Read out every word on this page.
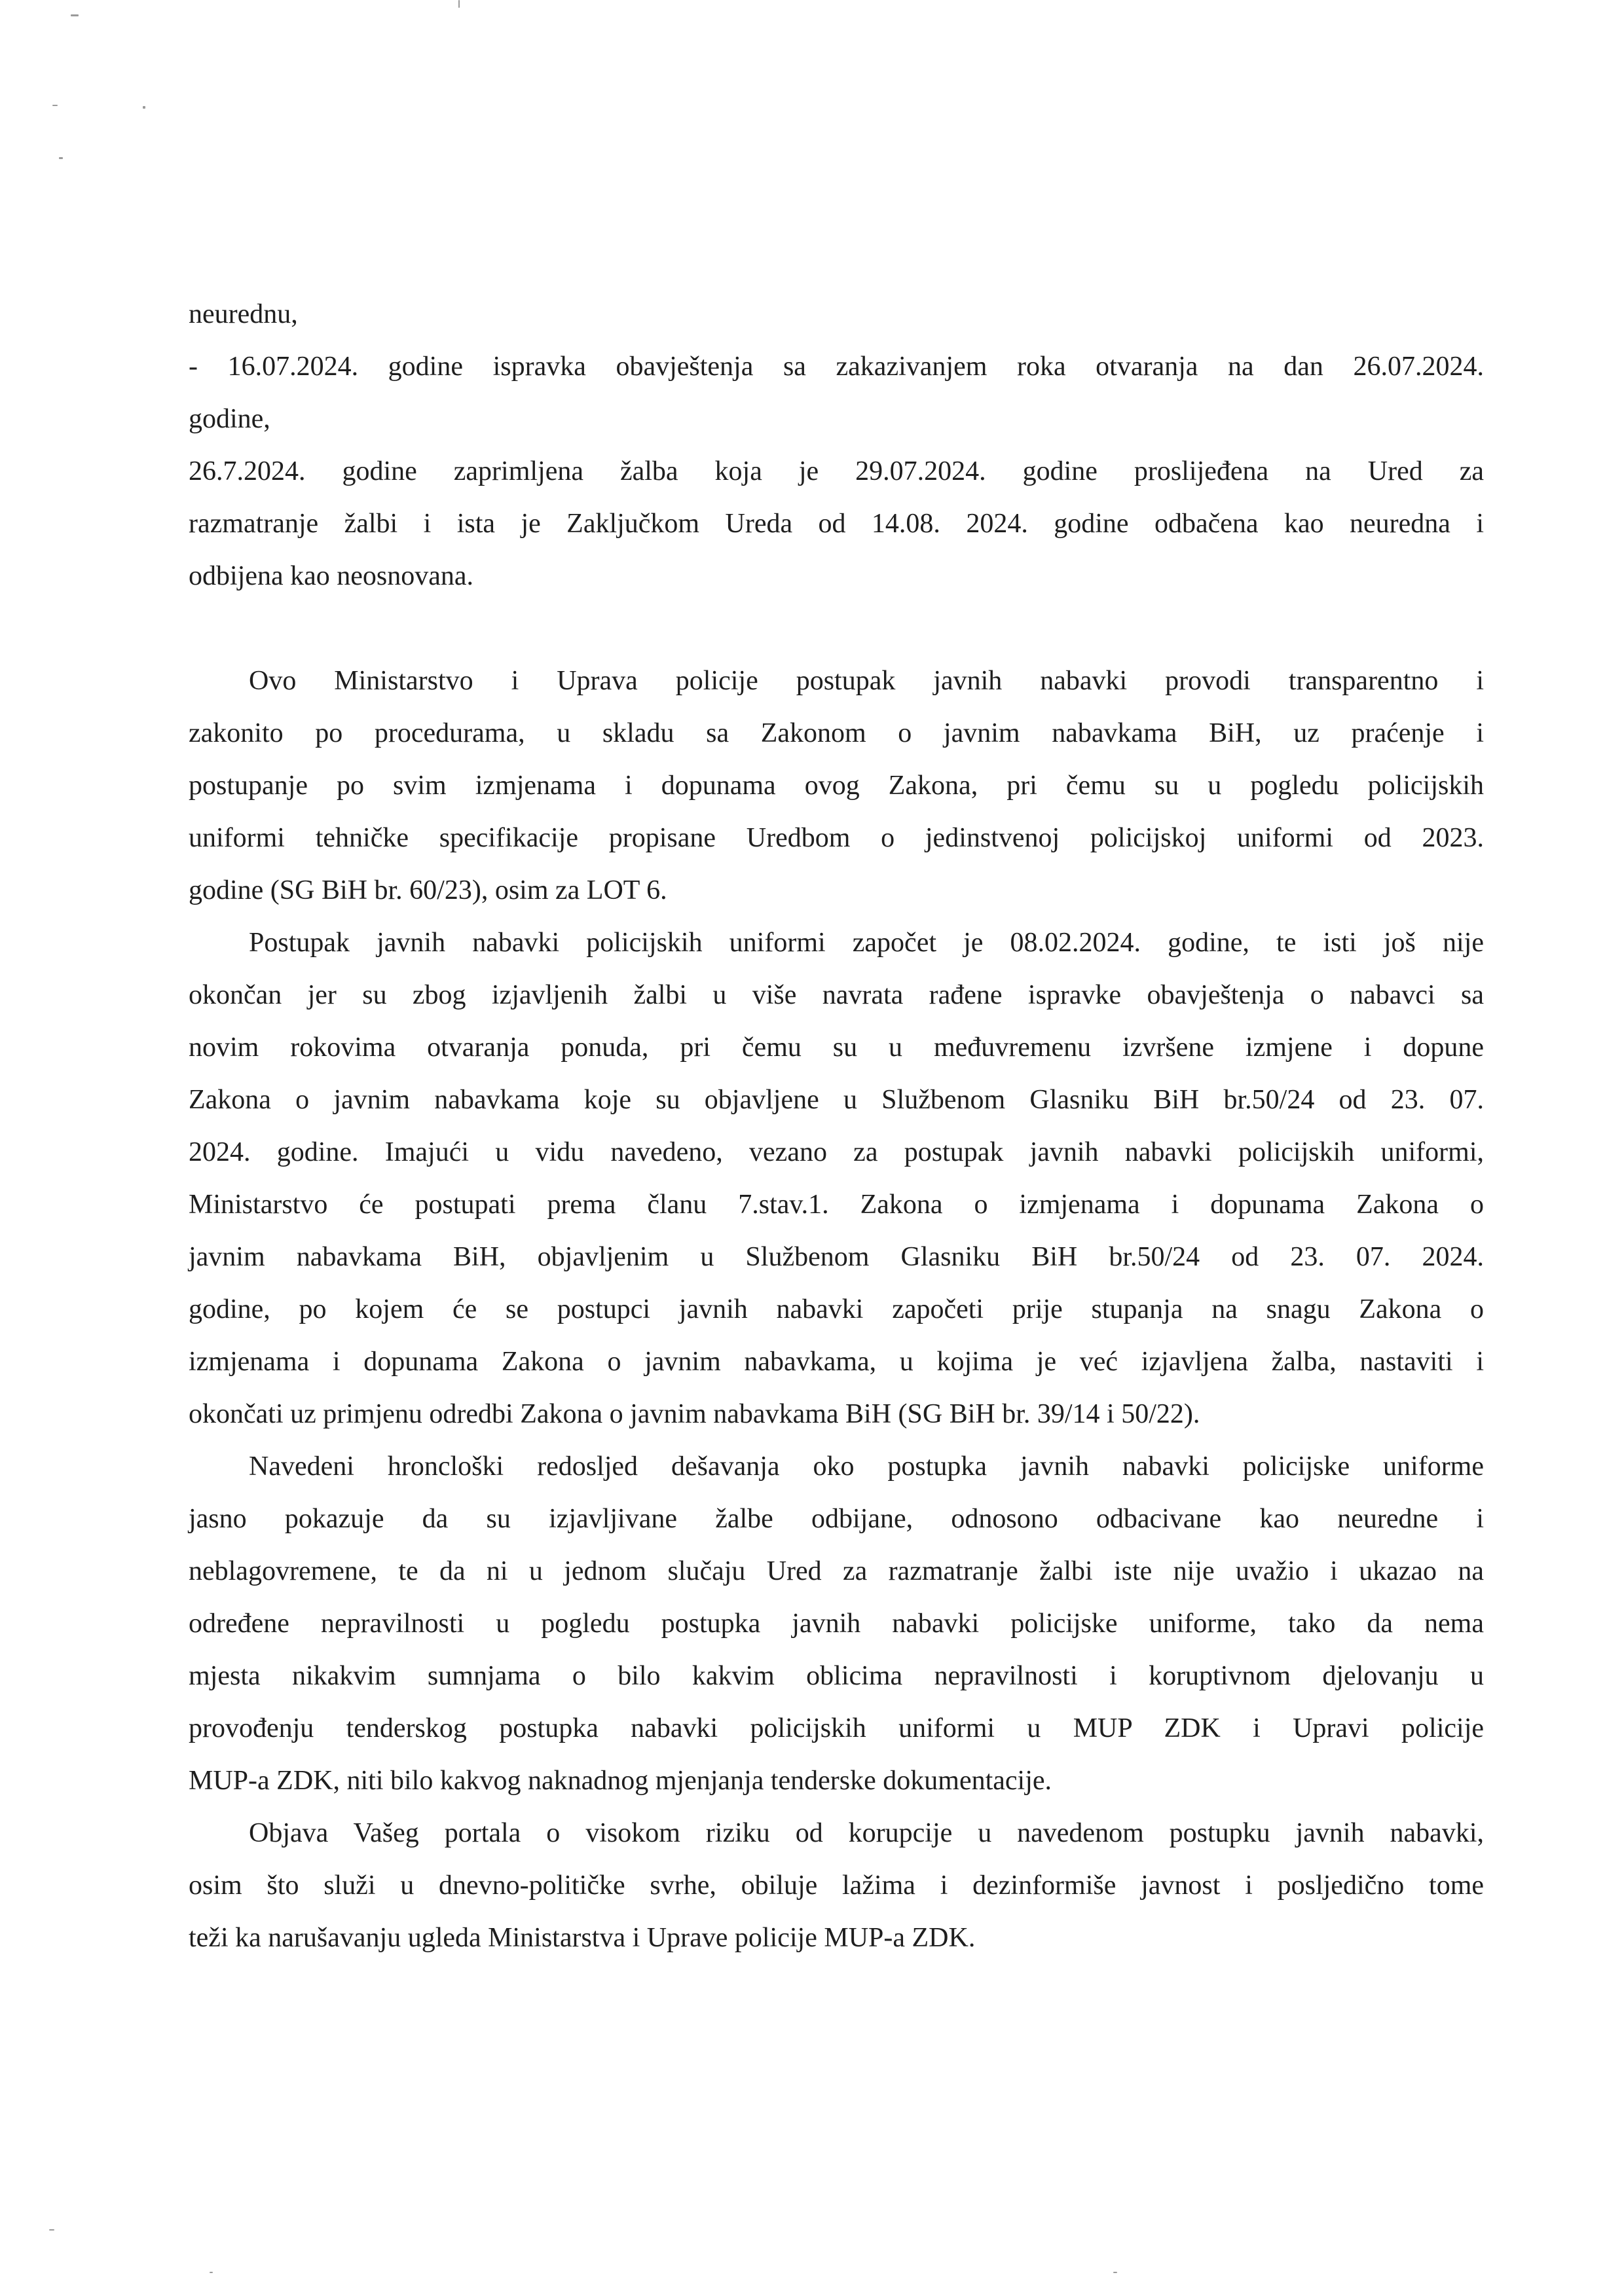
neurednu,
- 16.07.2024. godine ispravka obavještenja sa zakazivanjem roka otvaranja na dan 26.07.2024.
godine,
26.7.2024. godine zaprimljena žalba koja je 29.07.2024. godine proslijeđena na Ured za
razmatranje žalbi i ista je Zaključkom Ureda od 14.08. 2024. godine odbačena kao neuredna i
odbijena kao neosnovana.
Ovo Ministarstvo i Uprava policije postupak javnih nabavki provodi transparentno i
zakonito po procedurama, u skladu sa Zakonom o javnim nabavkama BiH, uz praćenje i
postupanje po svim izmjenama i dopunama ovog Zakona, pri čemu su u pogledu policijskih
uniformi tehničke specifikacije propisane Uredbom o jedinstvenoj policijskoj uniformi od 2023.
godine (SG BiH br. 60/23), osim za LOT 6.
Postupak javnih nabavki policijskih uniformi započet je 08.02.2024. godine, te isti još nije
okončan jer su zbog izjavljenih žalbi u više navrata rađene ispravke obavještenja o nabavci sa
novim rokovima otvaranja ponuda, pri čemu su u međuvremenu izvršene izmjene i dopune
Zakona o javnim nabavkama koje su objavljene u Službenom Glasniku BiH br.50/24 od 23. 07.
2024. godine. Imajući u vidu navedeno, vezano za postupak javnih nabavki policijskih uniformi,
Ministarstvo će postupati prema članu 7.stav.1. Zakona o izmjenama i dopunama Zakona o
javnim nabavkama BiH, objavljenim u Službenom Glasniku BiH br.50/24 od 23. 07. 2024.
godine, po kojem će se postupci javnih nabavki započeti prije stupanja na snagu Zakona o
izmjenama i dopunama Zakona o javnim nabavkama, u kojima je već izjavljena žalba, nastaviti i
okončati uz primjenu odredbi Zakona o javnim nabavkama BiH (SG BiH br. 39/14 i 50/22).
Navedeni hroncloški redosljed dešavanja oko postupka javnih nabavki policijske uniforme
jasno pokazuje da su izjavljivane žalbe odbijane, odnosono odbacivane kao neuredne i
neblagovremene, te da ni u jednom slučaju Ured za razmatranje žalbi iste nije uvažio i ukazao na
određene nepravilnosti u pogledu postupka javnih nabavki policijske uniforme, tako da nema
mjesta nikakvim sumnjama o bilo kakvim oblicima nepravilnosti i koruptivnom djelovanju u
provođenju tenderskog postupka nabavki policijskih uniformi u MUP ZDK i Upravi policije
MUP-a ZDK, niti bilo kakvog naknadnog mjenjanja tenderske dokumentacije.
Objava Vašeg portala o visokom riziku od korupcije u navedenom postupku javnih nabavki,
osim što služi u dnevno-političke svrhe, obiluje lažima i dezinformiše javnost i posljedično tome
teži ka narušavanju ugleda Ministarstva i Uprave policije MUP-a ZDK.
